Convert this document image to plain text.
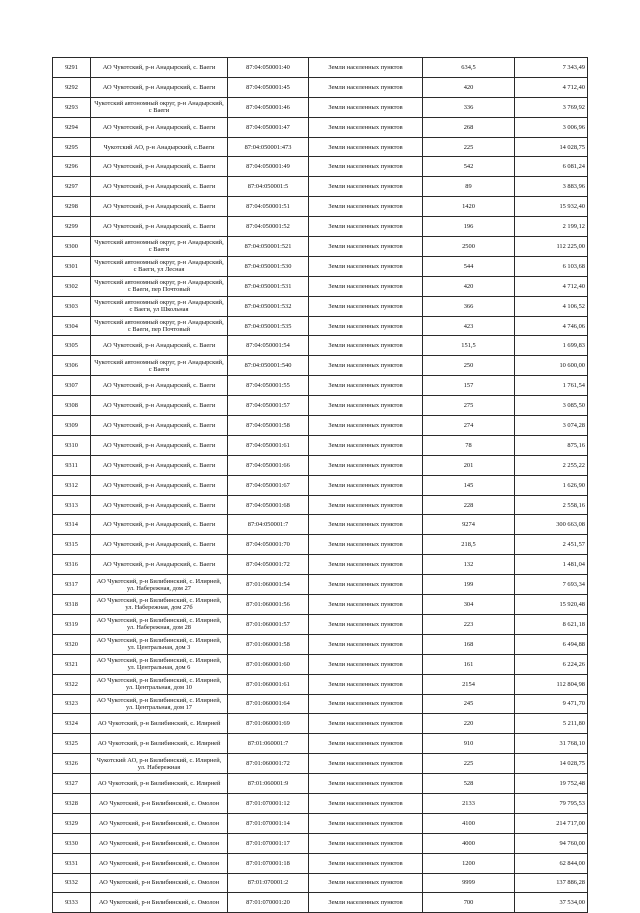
9291	АО Чукотский, р-н Анадырский, с. Ваеги	87:04:050001:40	Земли населенных пунктов	634,5	7 343,49
9292	АО Чукотский, р-н Анадырский, с. Ваеги	87:04:050001:45	Земли населенных пунктов	420	4 712,40
9293	Чукотский автономный округ, р-н Анадырский, с Ваеги	87:04:050001:46	Земли населенных пунктов	336	3 769,92
9294	АО Чукотский, р-н Анадырский, с. Ваеги	87:04:050001:47	Земли населенных пунктов	268	3 006,96
9295	Чукотский АО, р-н Анадырский, с.Ваеги	87:04:050001:473	Земли населенных пунктов	225	14 028,75
9296	АО Чукотский, р-н Анадырский, с. Ваеги	87:04:050001:49	Земли населенных пунктов	542	6 081,24
9297	АО Чукотский, р-н Анадырский, с. Ваеги	87:04:050001:5	Земли населенных пунктов	89	3 883,96
9298	АО Чукотский, р-н Анадырский, с. Ваеги	87:04:050001:51	Земли населенных пунктов	1420	15 932,40
9299	АО Чукотский, р-н Анадырский, с. Ваеги	87:04:050001:52	Земли населенных пунктов	196	2 199,12
9300	Чукотский автономный округ, р-н Анадырский, с Ваеги	87:04:050001:521	Земли населенных пунктов	2500	112 225,00
9301	Чукотский автономный округ, р-н Анадырский, с Ваеги, ул Лесная	87:04:050001:530	Земли населенных пунктов	544	6 103,68
9302	Чукотский автономный округ, р-н Анадырский, с Ваеги, пер Почтовый	87:04:050001:531	Земли населенных пунктов	420	4 712,40
9303	Чукотский автономный округ, р-н Анадырский, с Ваеги, ул Школьная	87:04:050001:532	Земли населенных пунктов	366	4 106,52
9304	Чукотский автономный округ, р-н Анадырский, с Ваеги, пер Почтовый	87:04:050001:535	Земли населенных пунктов	423	4 746,06
9305	АО Чукотский, р-н Анадырский, с. Ваеги	87:04:050001:54	Земли населенных пунктов	151,5	1 699,83
9306	Чукотский автономный округ, р-н Анадырский, с Ваеги	87:04:050001:540	Земли населенных пунктов	250	10 600,00
9307	АО Чукотский, р-н Анадырский, с. Ваеги	87:04:050001:55	Земли населенных пунктов	157	1 761,54
9308	АО Чукотский, р-н Анадырский, с. Ваеги	87:04:050001:57	Земли населенных пунктов	275	3 085,50
9309	АО Чукотский, р-н Анадырский, с. Ваеги	87:04:050001:58	Земли населенных пунктов	274	3 074,28
9310	АО Чукотский, р-н Анадырский, с. Ваеги	87:04:050001:61	Земли населенных пунктов	78	875,16
9311	АО Чукотский, р-н Анадырский, с. Ваеги	87:04:050001:66	Земли населенных пунктов	201	2 255,22
9312	АО Чукотский, р-н Анадырский, с. Ваеги	87:04:050001:67	Земли населенных пунктов	145	1 626,90
9313	АО Чукотский, р-н Анадырский, с. Ваеги	87:04:050001:68	Земли населенных пунктов	228	2 558,16
9314	АО Чукотский, р-н Анадырский, с. Ваеги	87:04:050001:7	Земли населенных пунктов	9274	300 663,08
9315	АО Чукотский, р-н Анадырский, с. Ваеги	87:04:050001:70	Земли населенных пунктов	218,5	2 451,57
9316	АО Чукотский, р-н Анадырский, с. Ваеги	87:04:050001:72	Земли населенных пунктов	132	1 481,04
9317	АО Чукотский, р-н Билибинский, с. Илирней, ул. Набережная, дом 27	87:01:060001:54	Земли населенных пунктов	199	7 693,34
9318	АО Чукотский, р-н Билибинский, с. Илирней, ул. Набережная, дом 27б	87:01:060001:56	Земли населенных пунктов	304	15 920,48
9319	АО Чукотский, р-н Билибинский, с. Илирней, ул. Набережная, дом 28	87:01:060001:57	Земли населенных пунктов	223	8 621,18
9320	АО Чукотский, р-н Билибинский, с. Илирней, ул. Центральная, дом 3	87:01:060001:58	Земли населенных пунктов	168	6 494,88
9321	АО Чукотский, р-н Билибинский, с. Илирней, ул. Центральная, дом 6	87:01:060001:60	Земли населенных пунктов	161	6 224,26
9322	АО Чукотский, р-н Билибинский, с. Илирней, ул. Центральная, дом 10	87:01:060001:61	Земли населенных пунктов	2154	112 804,98
9323	АО Чукотский, р-н Билибинский, с. Илирней, ул. Центральная, дом 17	87:01:060001:64	Земли населенных пунктов	245	9 471,70
9324	АО Чукотский, р-н Билибинский, с. Илирней	87:01:060001:69	Земли населенных пунктов	220	5 211,80
9325	АО Чукотский, р-н Билибинский, с. Илирней	87:01:060001:7	Земли населенных пунктов	910	31 768,10
9326	Чукотский АО, р-н Билибинский, с. Илирней, ул. Набережная	87:01:060001:72	Земли населенных пунктов	225	14 028,75
9327	АО Чукотский, р-н Билибинский, с. Илирней	87:01:060001:9	Земли населенных пунктов	528	19 752,48
9328	АО Чукотский, р-н Билибинский, с. Омолон	87:01:070001:12	Земли населенных пунктов	2133	79 795,53
9329	АО Чукотский, р-н Билибинский, с. Омолон	87:01:070001:14	Земли населенных пунктов	4100	214 717,00
9330	АО Чукотский, р-н Билибинский, с. Омолон	87:01:070001:17	Земли населенных пунктов	4000	94 760,00
9331	АО Чукотский, р-н Билибинский, с. Омолон	87:01:070001:18	Земли населенных пунктов	1200	62 844,00
9332	АО Чукотский, р-н Билибинский, с. Омолон	87:01:070001:2	Земли населенных пунктов	9999	137 886,28
9333	АО Чукотский, р-н Билибинский, с. Омолон	87:01:070001:20	Земли населенных пунктов	700	37 534,00
